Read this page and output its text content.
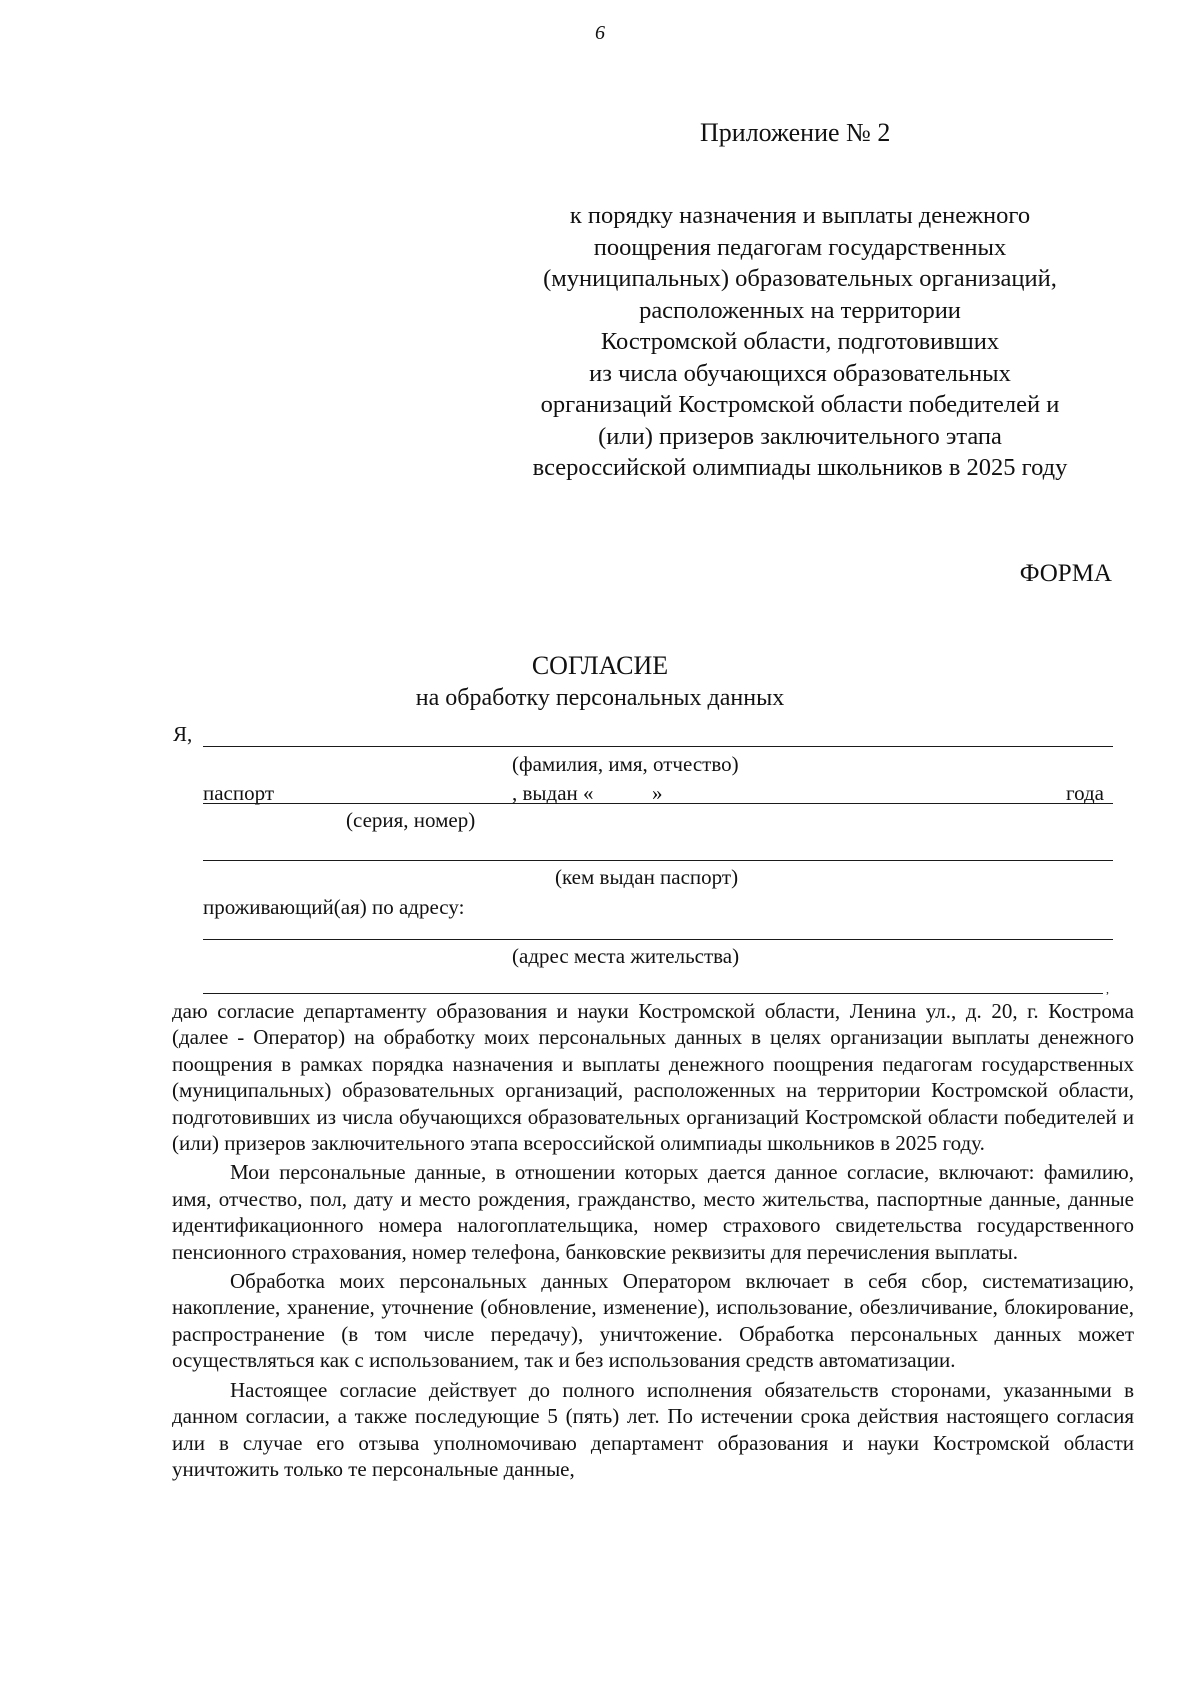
6
Приложение № 2
к порядку назначения и выплаты денежного
поощрения педагогам государственных
(муниципальных) образовательных организаций,
расположенных на территории
Костромской области, подготовивших
из числа обучающихся образовательных
организаций Костромской области победителей и
(или) призеров заключительного этапа
всероссийской олимпиады школьников в 2025 году
ФОРМА
СОГЛАСИЕ
на обработку персональных данных
Я,
(фамилия, имя, отчество)
паспорт	, выдан «	»	года
(серия, номер)
(кем выдан паспорт)
проживающий(ая) по адресу:
(адрес места жительства)
,

даю согласие департаменту образования и науки Костромской области, Ленина ул., д. 20, г. Кострома (далее - Оператор) на обработку моих персональных данных в целях организации выплаты денежного поощрения в рамках порядка назначения и выплаты денежного поощрения педагогам государственных (муниципальных) образовательных организаций, расположенных на территории Костромской области, подготовивших из числа обучающихся образовательных организаций Костромской области победителей и (или) призеров заключительного этапа всероссийской олимпиады школьников в 2025 году.

Мои персональные данные, в отношении которых дается данное согласие, включают: фамилию, имя, отчество, пол, дату и место рождения, гражданство, место жительства, паспортные данные, данные идентификационного номера налогоплательщика, номер страхового свидетельства государственного пенсионного страхования, номер телефона, банковские реквизиты для перечисления выплаты.

Обработка моих персональных данных Оператором включает в себя сбор, систематизацию, накопление, хранение, уточнение (обновление, изменение), использование, обезличивание, блокирование, распространение (в том числе передачу), уничтожение. Обработка персональных данных может осуществляться как с использованием, так и без использования средств автоматизации.

Настоящее согласие действует до полного исполнения обязательств сторонами, указанными в данном согласии, а также последующие 5 (пять) лет. По истечении срока действия настоящего согласия или в случае его отзыва уполномочиваю департамент образования и науки Костромской области уничтожить только те персональные данные,
